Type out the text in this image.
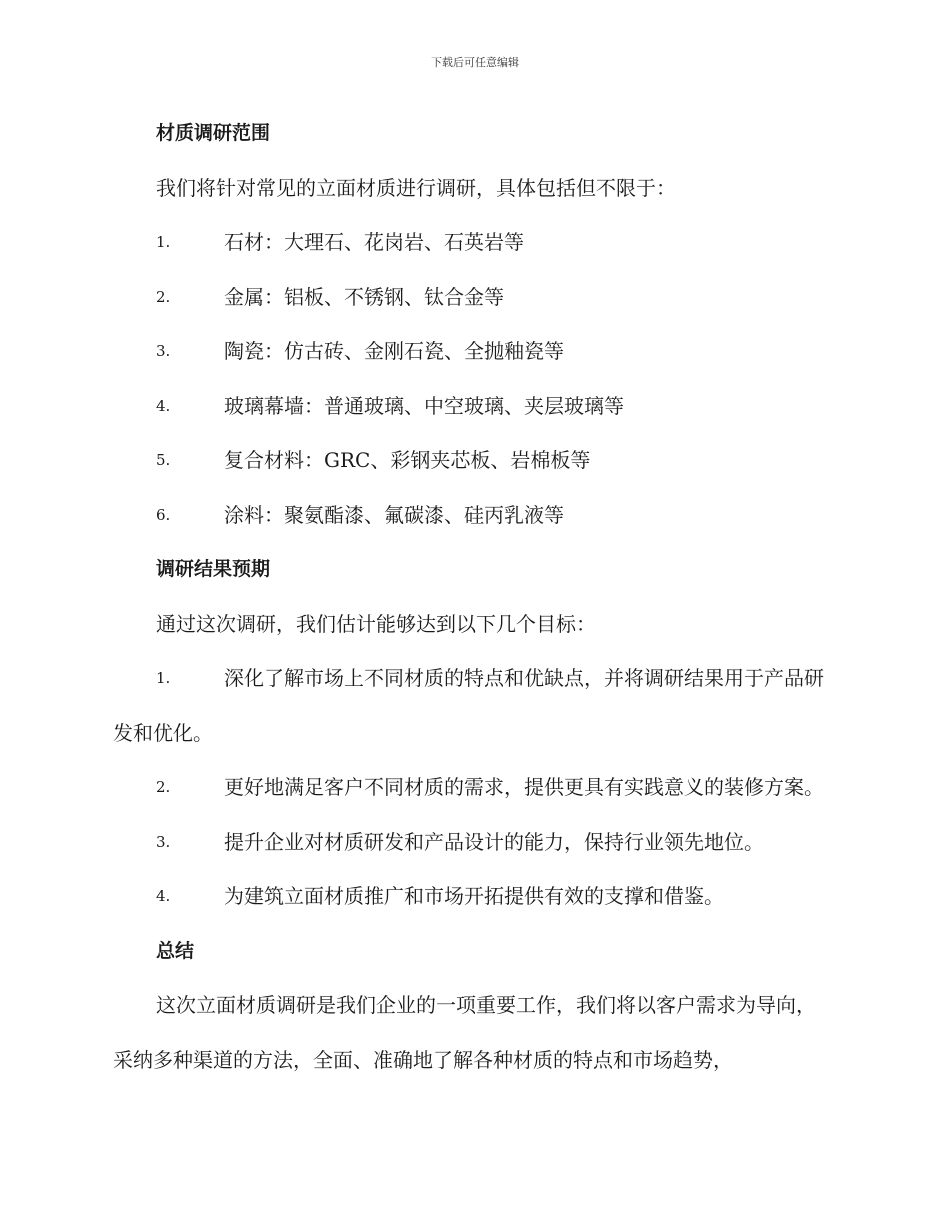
下载后可任意编辑
材质调研范围

我们将针对常见的立面材质进行调研，具体包括但不限于：

1.	石材：大理石、花岗岩、石英岩等

2.	金属：铝板、不锈钢、钛合金等

3.	陶瓷：仿古砖、金刚石瓷、全抛釉瓷等

4.	玻璃幕墙：普通玻璃、中空玻璃、夹层玻璃等

5.	复合材料：GRC、彩钢夹芯板、岩棉板等

6.	涂料：聚氨酯漆、氟碳漆、硅丙乳液等

调研结果预期

通过这次调研，我们估计能够达到以下几个目标：

1.	深化了解市场上不同材质的特点和优缺点，并将调研结果用于产品研发和优化。

2.	更好地满足客户不同材质的需求，提供更具有实践意义的装修方案。

3.	提升企业对材质研发和产品设计的能力，保持行业领先地位。

4.	为建筑立面材质推广和市场开拓提供有效的支撑和借鉴。

总结

这次立面材质调研是我们企业的一项重要工作，我们将以客户需求为导向，采纳多种渠道的方法，全面、准确地了解各种材质的特点和市场趋势，
